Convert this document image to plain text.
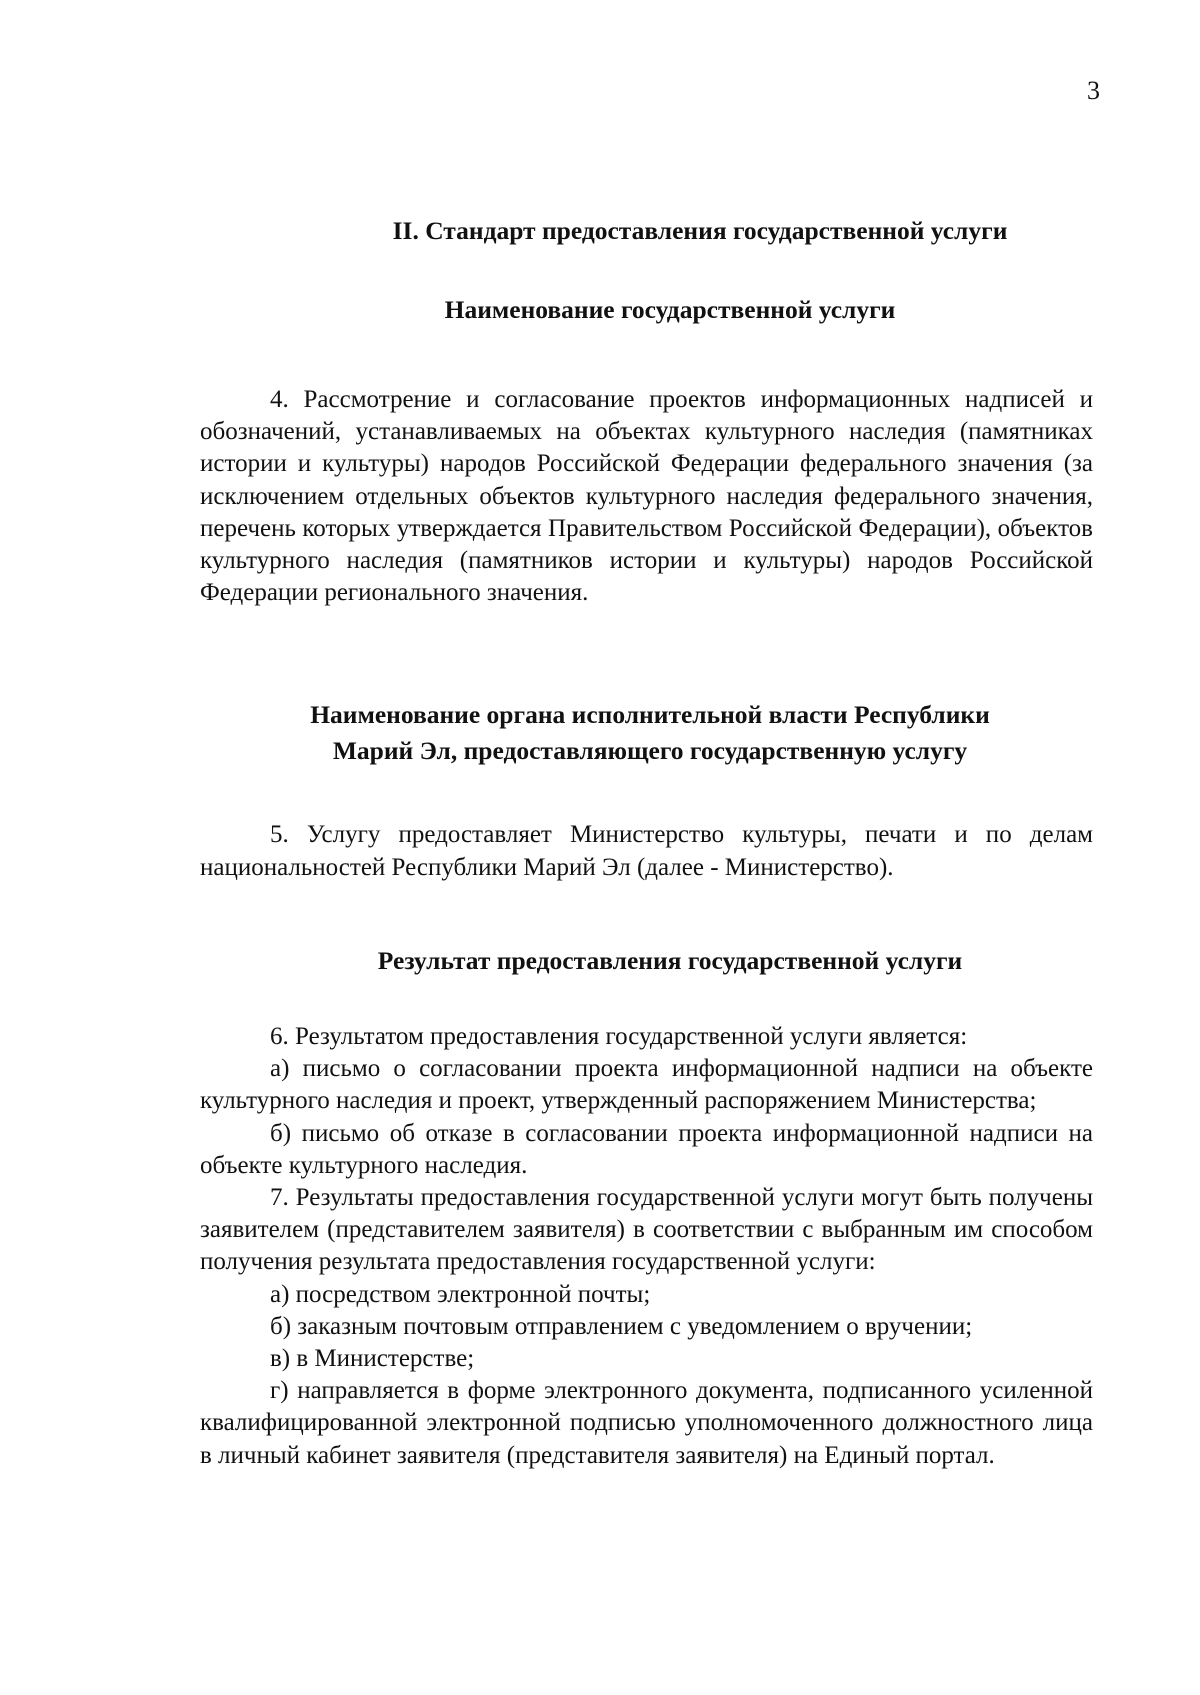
3
II. Стандарт предоставления государственной услуги
Наименование государственной услуги

4. Рассмотрение и согласование проектов информационных надписей и обозначений, устанавливаемых на объектах культурного наследия (памятниках истории и культуры) народов Российской Федерации федерального значения (за исключением отдельных объектов культурного наследия федерального значения, перечень которых утверждается Правительством Российской Федерации), объектов культурного наследия (памятников истории и культуры) народов Российской Федерации регионального значения.

Наименование органа исполнительной власти Республики
Марий Эл, предоставляющего государственную услугу

5. Услугу предоставляет Министерство культуры, печати и по делам национальностей Республики Марий Эл (далее - Министерство).

Результат предоставления государственной услуги

6. Результатом предоставления государственной услуги является:

а) письмо о согласовании проекта информационной надписи на объекте культурного наследия и проект, утвержденный распоряжением Министерства;

б) письмо об отказе в согласовании проекта информационной надписи на объекте культурного наследия.

7. Результаты предоставления государственной услуги могут быть получены заявителем (представителем заявителя) в соответствии с выбранным им способом получения результата предоставления государственной услуги:

а) посредством электронной почты;

б) заказным почтовым отправлением с уведомлением о вручении;

в) в Министерстве;

г) направляется в форме электронного документа, подписанного усиленной квалифицированной электронной подписью уполномоченного должностного лица в личный кабинет заявителя (представителя заявителя) на Единый портал.
